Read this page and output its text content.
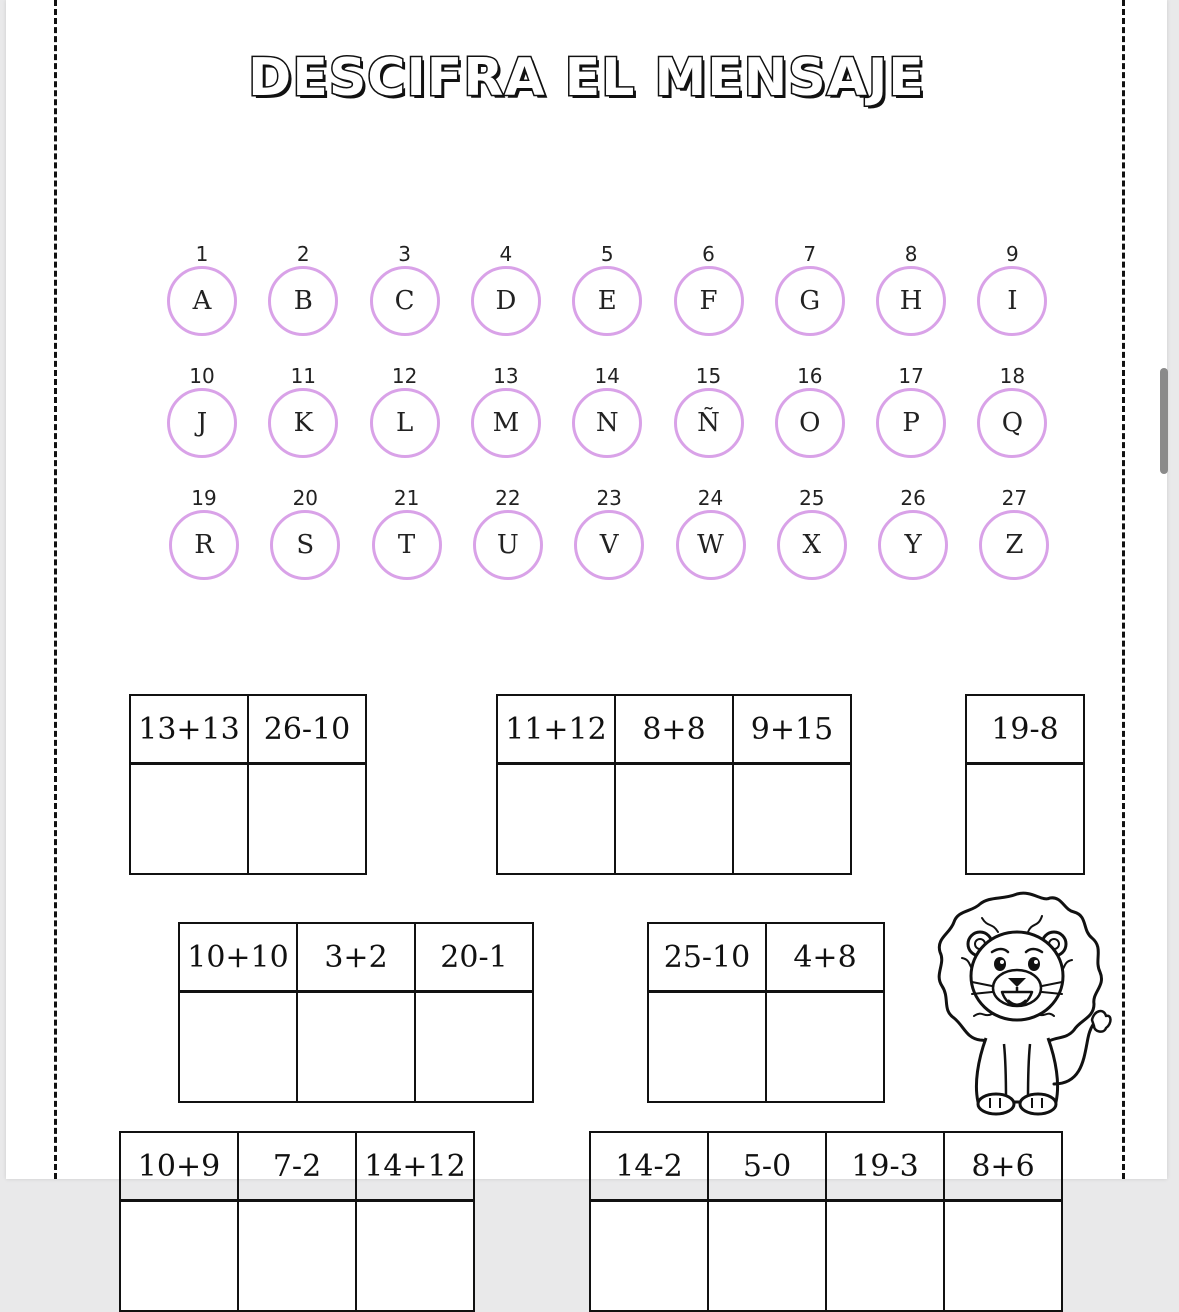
DESCIFRA EL MENSAJE
1
A
2
B
3
C
4
D
5
E
6
F
7
G
8
H
9
I
10
J
11
K
12
L
13
M
14
N
15
Ñ
16
O
17
P
18
Q
19
R
20
S
21
T
22
U
23
V
24
W
25
X
26
Y
27
Z
13+13 26-10	11+12	8+8	9+15	19-8
10+10	3+2	20-1	25-10	4+8
10+9	7-2	14+12	14-2	5-0	19-3	8+6
